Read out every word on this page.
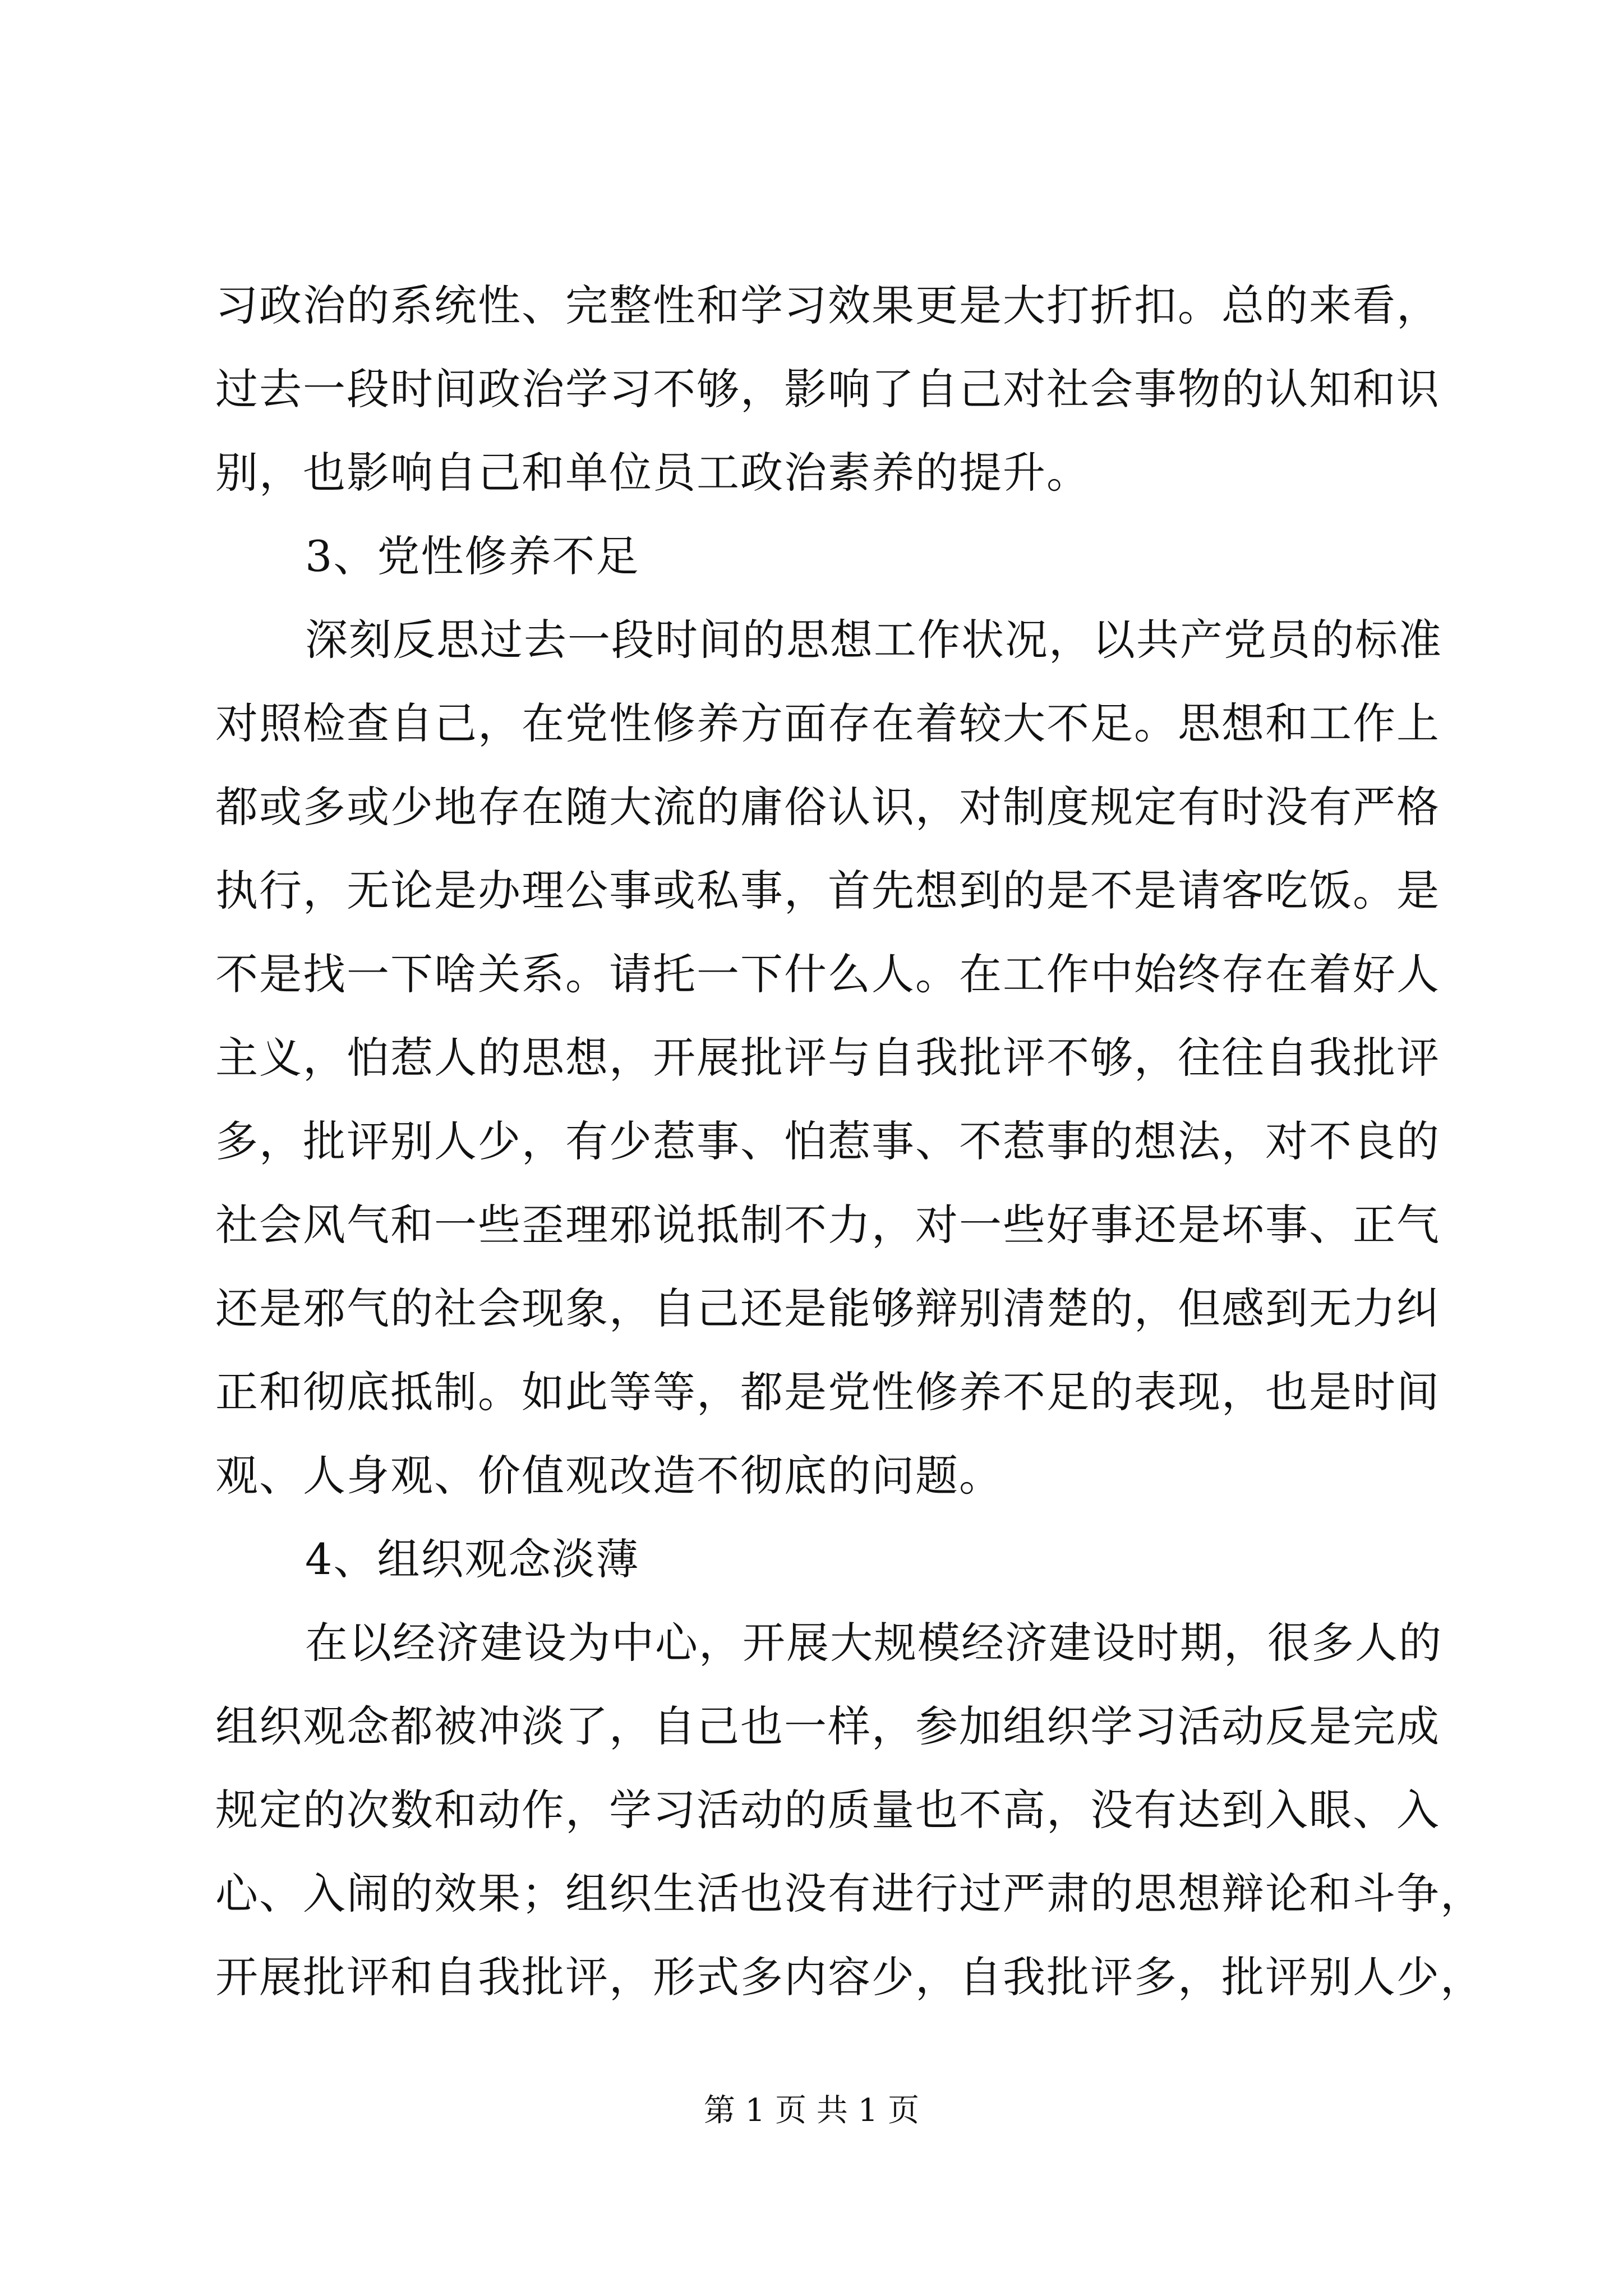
习政治的系统性、完整性和学习效果更是大打折扣。总的来看，
过去一段时间政治学习不够，影响了自己对社会事物的认知和识
别，也影响自己和单位员工政治素养的提升。
3、党性修养不足
深刻反思过去一段时间的思想工作状况，以共产党员的标准
对照检查自己，在党性修养方面存在着较大不足。思想和工作上
都或多或少地存在随大流的庸俗认识，对制度规定有时没有严格
执行，无论是办理公事或私事，首先想到的是不是请客吃饭。是
不是找一下啥关系。请托一下什么人。在工作中始终存在着好人
主义，怕惹人的思想，开展批评与自我批评不够，往往自我批评
多，批评别人少，有少惹事、怕惹事、不惹事的想法，对不良的
社会风气和一些歪理邪说抵制不力，对一些好事还是坏事、正气
还是邪气的社会现象，自己还是能够辩别清楚的，但感到无力纠
正和彻底抵制。如此等等，都是党性修养不足的表现，也是时间
观、人身观、价值观改造不彻底的问题。
4、组织观念淡薄
在以经济建设为中心，开展大规模经济建设时期，很多人的
组织观念都被冲淡了，自己也一样，参加组织学习活动反是完成
规定的次数和动作，学习活动的质量也不高，没有达到入眼、入
心、入闹的效果；组织生活也没有进行过严肃的思想辩论和斗争，
开展批评和自我批评，形式多内容少，自我批评多，批评别人少，
第 1 页 共 1 页
